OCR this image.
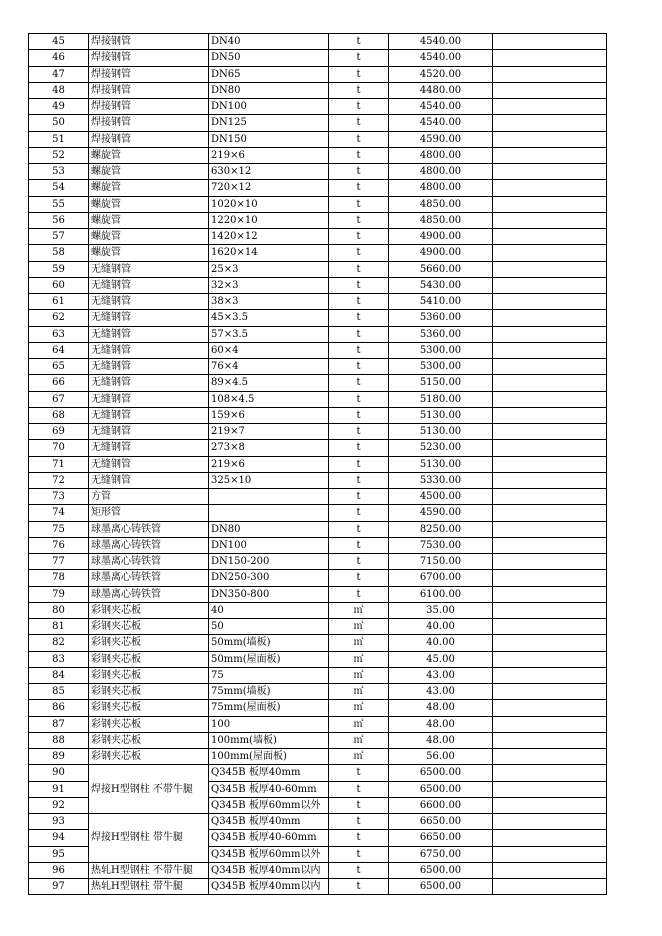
45	焊接钢管	DN40	t	4540.00	
46	焊接钢管	DN50	t	4540.00	
47	焊接钢管	DN65	t	4520.00	
48	焊接钢管	DN80	t	4480.00	
49	焊接钢管	DN100	t	4540.00	
50	焊接钢管	DN125	t	4540.00	
51	焊接钢管	DN150	t	4590.00	
52	螺旋管	219×6	t	4800.00	
53	螺旋管	630×12	t	4800.00	
54	螺旋管	720×12	t	4800.00	
55	螺旋管	1020×10	t	4850.00	
56	螺旋管	1220×10	t	4850.00	
57	螺旋管	1420×12	t	4900.00	
58	螺旋管	1620×14	t	4900.00	
59	无缝钢管	25×3	t	5660.00	
60	无缝钢管	32×3	t	5430.00	
61	无缝钢管	38×3	t	5410.00	
62	无缝钢管	45×3.5	t	5360.00	
63	无缝钢管	57×3.5	t	5360.00	
64	无缝钢管	60×4	t	5300.00	
65	无缝钢管	76×4	t	5300.00	
66	无缝钢管	89×4.5	t	5150.00	
67	无缝钢管	108×4.5	t	5180.00	
68	无缝钢管	159×6	t	5130.00	
69	无缝钢管	219×7	t	5130.00	
70	无缝钢管	273×8	t	5230.00	
71	无缝钢管	219×6	t	5130.00	
72	无缝钢管	325×10	t	5330.00	
73	方管		t	4500.00	
74	矩形管		t	4590.00	
75	球墨离心铸铁管	DN80	t	8250.00	
76	球墨离心铸铁管	DN100	t	7530.00	
77	球墨离心铸铁管	DN150-200	t	7150.00	
78	球墨离心铸铁管	DN250-300	t	6700.00	
79	球墨离心铸铁管	DN350-800	t	6100.00	
80	彩钢夹芯板	40	㎡	35.00	
81	彩钢夹芯板	50	㎡	40.00	
82	彩钢夹芯板	50mm(墙板)	㎡	40.00	
83	彩钢夹芯板	50mm(屋面板)	㎡	45.00	
84	彩钢夹芯板	75	㎡	43.00	
85	彩钢夹芯板	75mm(墙板)	㎡	43.00	
86	彩钢夹芯板	75mm(屋面板)	㎡	48.00	
87	彩钢夹芯板	100	㎡	48.00	
88	彩钢夹芯板	100mm(墙板)	㎡	48.00	
89	彩钢夹芯板	100mm(屋面板)	㎡	56.00	
90	焊接H型钢柱 不带牛腿	Q345B 板厚40mm	t	6500.00	
91		Q345B 板厚40-60mm	t	6500.00	
92		Q345B 板厚60mm以外	t	6600.00	
93	焊接H型钢柱 带牛腿	Q345B 板厚40mm	t	6650.00	
94		Q345B 板厚40-60mm	t	6650.00	
95		Q345B 板厚60mm以外	t	6750.00	
96	热轧H型钢柱 不带牛腿	Q345B 板厚40mm以内	t	6500.00	
97	热轧H型钢柱 带牛腿	Q345B 板厚40mm以内	t	6500.00	
